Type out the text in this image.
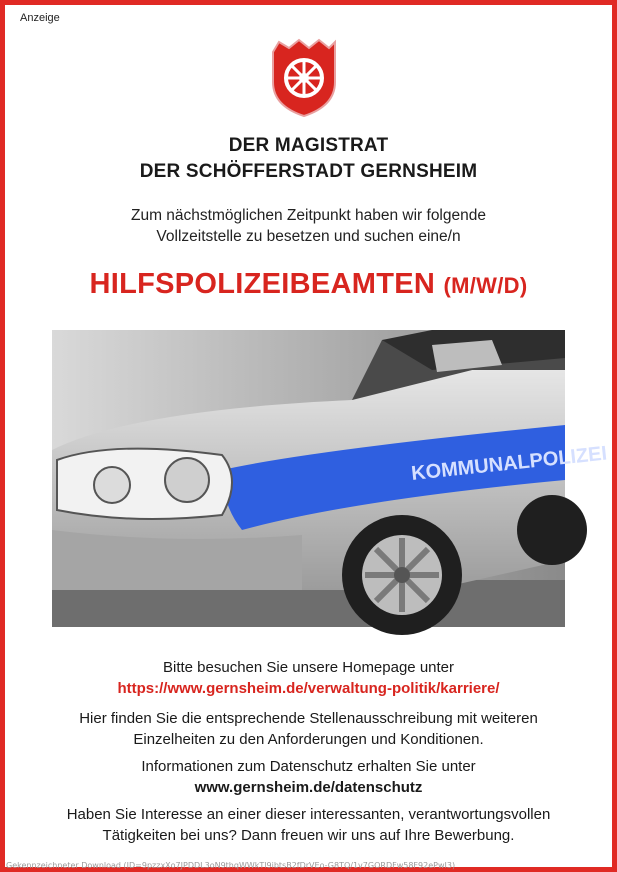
Anzeige
DER MAGISTRAT
DER SCHÖFFERSTADT GERNSHEIM
Zum nächstmöglichen Zeitpunkt haben wir folgende
Vollzeitstelle zu besetzen und suchen eine/n
HILFSPOLIZEIBEAMTEN (M/W/D)
KOMMUNALPOLIZEI
Bitte besuchen Sie unsere Homepage unter
https://www.gernsheim.de/verwaltung-politik/karriere/
Hier finden Sie die entsprechende Stellenausschreibung mit weiteren
Einzelheiten zu den Anforderungen und Konditionen.
Informationen zum Datenschutz erhalten Sie unter
www.gernsheim.de/datenschutz
Haben Sie Interesse an einer dieser interessanten, verantwortungsvollen
Tätigkeiten bei uns? Dann freuen wir uns auf Ihre Bewerbung.
Gekennzeichneter Download (ID=9pzzxXo7JPDDL3oN9thqWWkTl9ibtsB2fDrVEo-G8TQ/1v7GORDFw58F92ePwI3)
